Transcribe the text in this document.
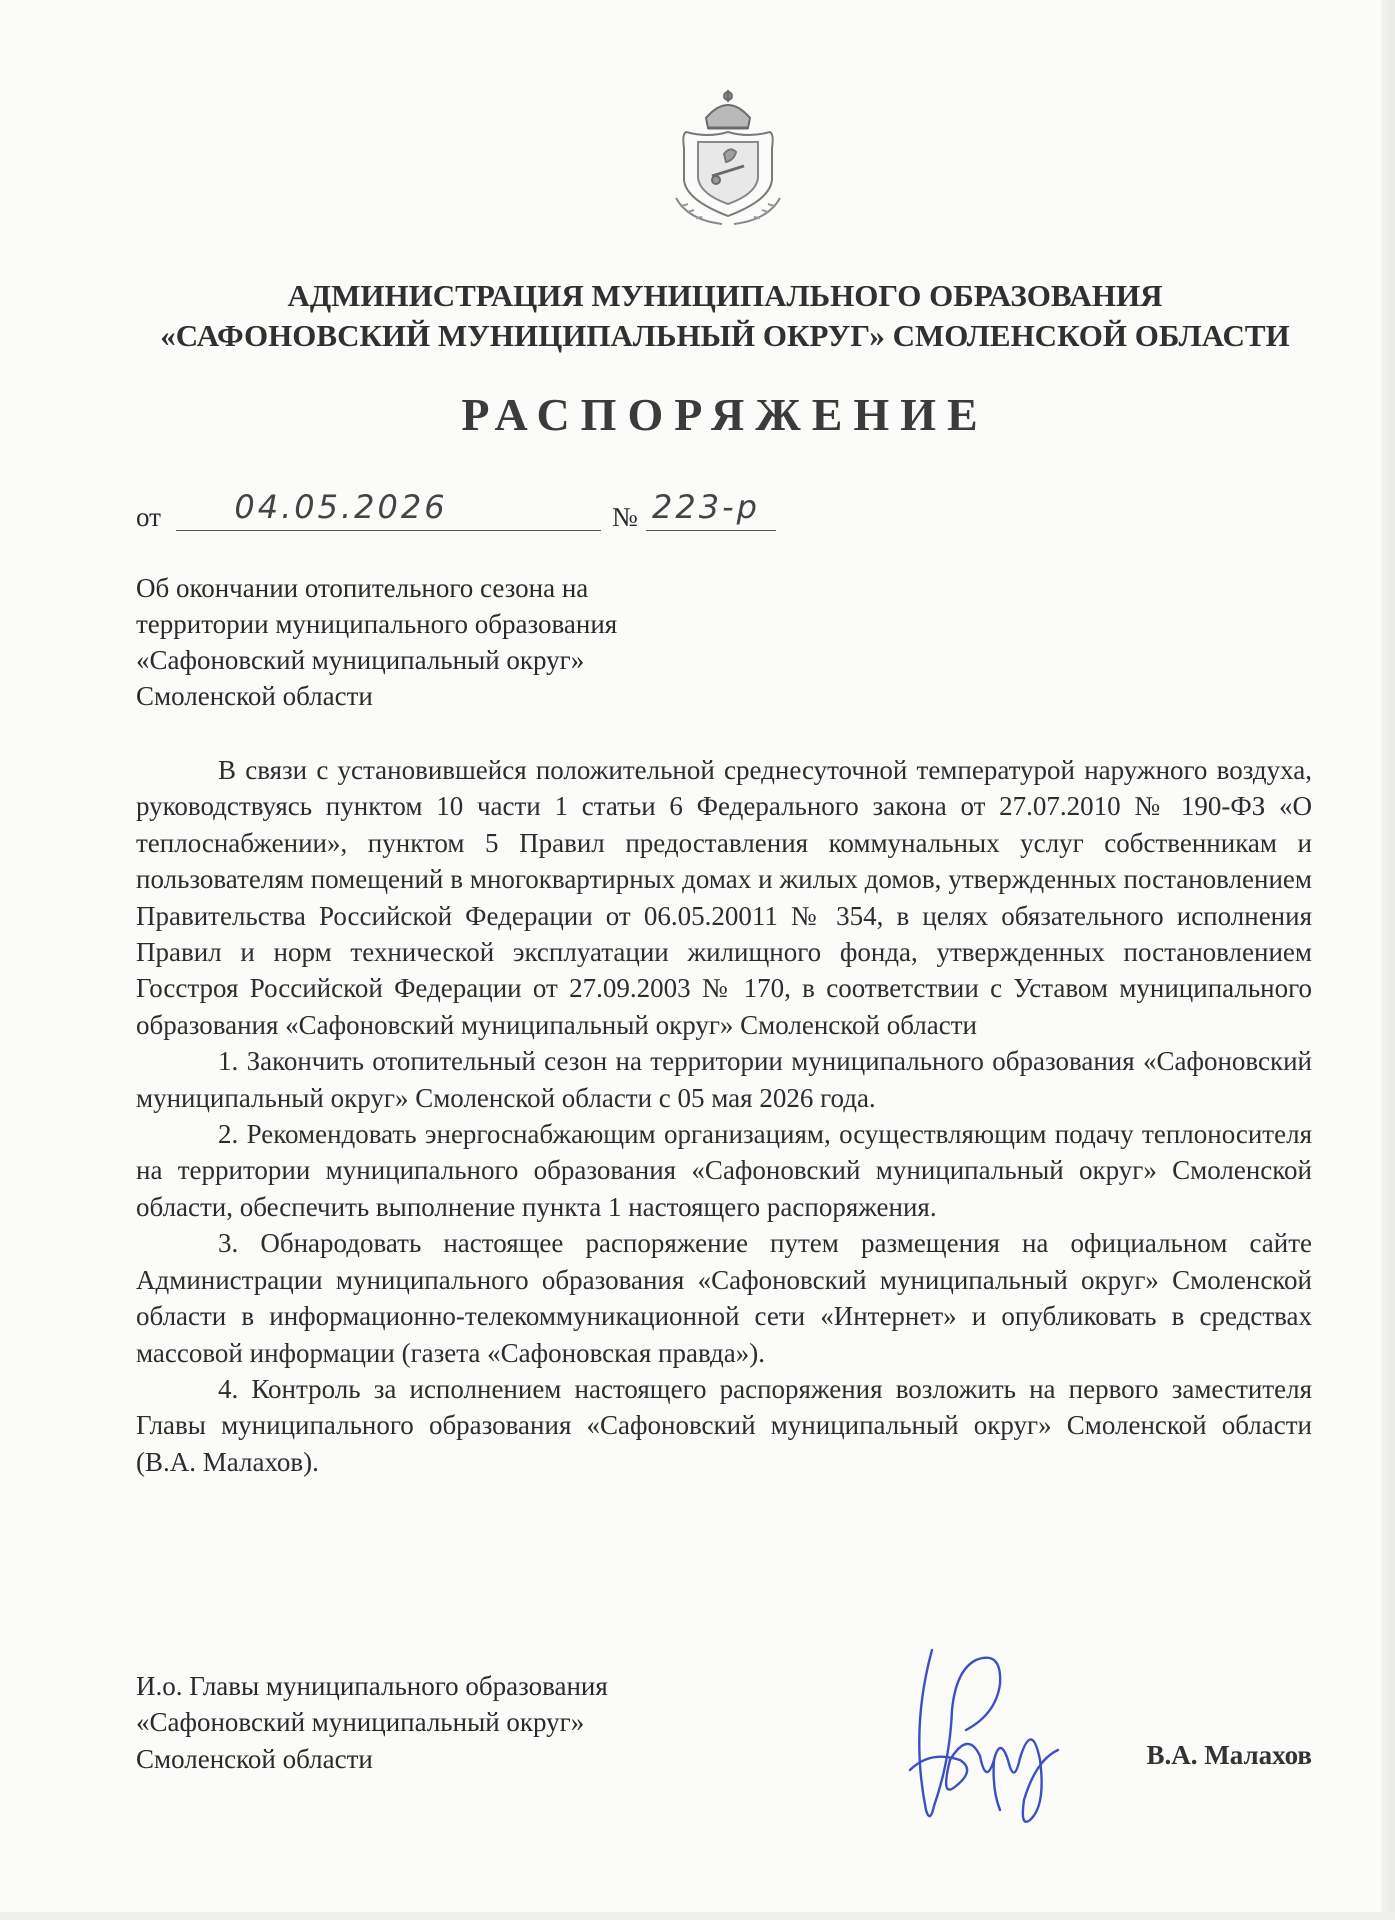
АДМИНИСТРАЦИЯ МУНИЦИПАЛЬНОГО ОБРАЗОВАНИЯ
«САФОНОВСКИЙ МУНИЦИПАЛЬНЫЙ ОКРУГ» СМОЛЕНСКОЙ ОБЛАСТИ
РАСПОРЯЖЕНИЕ
от	04.05.2026	№ 223-р
Об окончании отопительного сезона на
территории муниципального образования
«Сафоновский муниципальный округ»
Смоленской области

В связи с установившейся положительной среднесуточной температурой наружного воздуха, руководствуясь пунктом 10 части 1 статьи 6 Федерального закона от 27.07.2010 № 190-ФЗ «О теплоснабжении», пунктом 5 Правил предоставления коммунальных услуг собственникам и пользователям помещений в многоквартирных домах и жилых домов, утвержденных постановлением Правительства Российской Федерации от 06.05.20011 № 354, в целях обязательного исполнения Правил и норм технической эксплуатации жилищного фонда, утвержденных постановлением Госстроя Российской Федерации от 27.09.2003 № 170, в соответствии с Уставом муниципального образования «Сафоновский муниципальный округ» Смоленской области

1. Закончить отопительный сезон на территории муниципального образования «Сафоновский муниципальный округ» Смоленской области с 05 мая 2026 года.

2. Рекомендовать энергоснабжающим организациям, осуществляющим подачу теплоносителя на территории муниципального образования «Сафоновский муниципальный округ» Смоленской области, обеспечить выполнение пункта 1 настоящего распоряжения.

3. Обнародовать настоящее распоряжение путем размещения на официальном сайте Администрации муниципального образования «Сафоновский муниципальный округ» Смоленской области в информационно-телекоммуникационной сети «Интернет» и опубликовать в средствах массовой информации (газета «Сафоновская правда»).

4. Контроль за исполнением настоящего распоряжения возложить на первого заместителя Главы муниципального образования «Сафоновский муниципальный округ» Смоленской области (В.А. Малахов).

И.о. Главы муниципального образования
«Сафоновский муниципальный округ»
Смоленской области	В.А. Малахов
